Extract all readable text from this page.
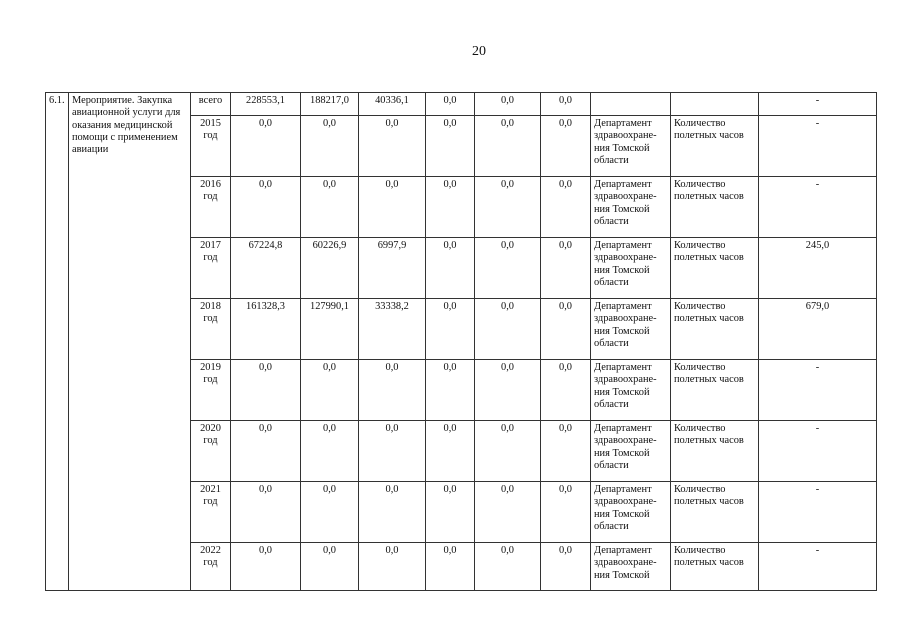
20
6.1.	Мероприятие. Закупка авиационной услуги для оказания медицинской помощи с применением авиации	всего	228553,1	188217,0	40336,1	0,0	0,0	0,0			-
		2015 год	0,0	0,0	0,0	0,0	0,0	0,0	Департамент здравоохране-ния Томской области	Количество полетных часов	-
		2016 год	0,0	0,0	0,0	0,0	0,0	0,0	Департамент здравоохране-ния Томской области	Количество полетных часов	-
		2017 год	67224,8	60226,9	6997,9	0,0	0,0	0,0	Департамент здравоохране-ния Томской области	Количество полетных часов	245,0
		2018 год	161328,3	127990,1	33338,2	0,0	0,0	0,0	Департамент здравоохране-ния Томской области	Количество полетных часов	679,0
		2019 год	0,0	0,0	0,0	0,0	0,0	0,0	Департамент здравоохране-ния Томской области	Количество полетных часов	-
		2020 год	0,0	0,0	0,0	0,0	0,0	0,0	Департамент здравоохране-ния Томской области	Количество полетных часов	-
		2021 год	0,0	0,0	0,0	0,0	0,0	0,0	Департамент здравоохране-ния Томской области	Количество полетных часов	-
		2022 год	0,0	0,0	0,0	0,0	0,0	0,0	Департамент здравоохране-ния Томской	Количество полетных часов	-
